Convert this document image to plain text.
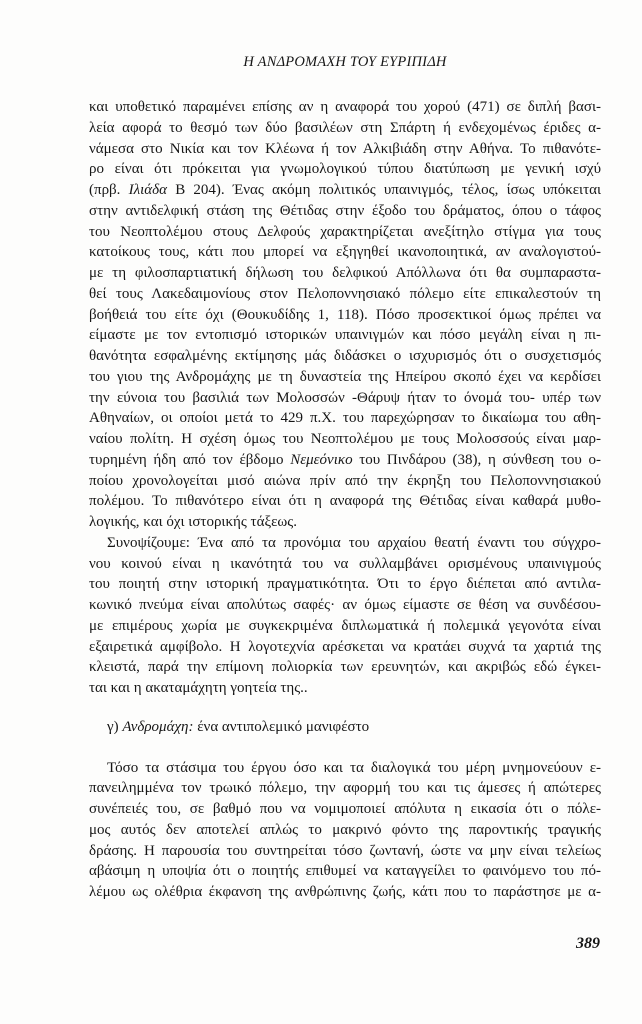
Η ΑΝΔΡΟΜΑΧΗ ΤΟΥ ΕΥΡΙΠΙΔΗ
και υποθετικό παραμένει επίσης αν η αναφορά του χορού (471) σε διπλή βασι-
λεία αφορά το θεσμό των δύο βασιλέων στη Σπάρτη ή ενδεχομένως έριδες α-
νάμεσα στο Νικία και τον Κλέωνα ή τον Αλκιβιάδη στην Αθήνα. Το πιθανότε-
ρο είναι ότι πρόκειται για γνωμολογικού τύπου διατύπωση με γενική ισχύ
(πρβ. Ιλιάδα Β 204). Ένας ακόμη πολιτικός υπαινιγμός, τέλος, ίσως υπόκειται
στην αντιδελφική στάση της Θέτιδας στην έξοδο του δράματος, όπου ο τάφος
του Νεοπτολέμου στους Δελφούς χαρακτηρίζεται ανεξίτηλο στίγμα για τους
κατοίκους τους, κάτι που μπορεί να εξηγηθεί ικανοποιητικά, αν αναλογιστού-
με τη φιλοσπαρτιατική δήλωση του δελφικού Απόλλωνα ότι θα συμπαραστα-
θεί τους Λακεδαιμονίους στον Πελοποννησιακό πόλεμο είτε επικαλεστούν τη
βοήθειά του είτε όχι (Θουκυδίδης 1, 118). Πόσο προσεκτικοί όμως πρέπει να
είμαστε με τον εντοπισμό ιστορικών υπαινιγμών και πόσο μεγάλη είναι η πι-
θανότητα εσφαλμένης εκτίμησης μάς διδάσκει ο ισχυρισμός ότι ο συσχετισμός
του γιου της Ανδρομάχης με τη δυναστεία της Ηπείρου σκοπό έχει να κερδίσει
την εύνοια του βασιλιά των Μολοσσών -Θάρυψ ήταν το όνομά του- υπέρ των
Αθηναίων, οι οποίοι μετά το 429 π.Χ. του παρεχώρησαν το δικαίωμα του αθη-
ναίου πολίτη. Η σχέση όμως του Νεοπτολέμου με τους Μολοσσούς είναι μαρ-
τυρημένη ήδη από τον έβδομο Νεμεόνικο του Πινδάρου (38), η σύνθεση του ο-
ποίου χρονολογείται μισό αιώνα πρίν από την έκρηξη του Πελοποννησιακού
πολέμου. Το πιθανότερο είναι ότι η αναφορά της Θέτιδας είναι καθαρά μυθο-
λογικής, και όχι ιστορικής τάξεως.
Συνοψίζουμε: Ένα από τα προνόμια του αρχαίου θεατή έναντι του σύγχρο-
νου κοινού είναι η ικανότητά του να συλλαμβάνει ορισμένους υπαινιγμούς
του ποιητή στην ιστορική πραγματικότητα. Ότι το έργο διέπεται από αντιλα-
κωνικό πνεύμα είναι απολύτως σαφές· αν όμως είμαστε σε θέση να συνδέσου-
με επιμέρους χωρία με συγκεκριμένα διπλωματικά ή πολεμικά γεγονότα είναι
εξαιρετικά αμφίβολο. Η λογοτεχνία αρέσκεται να κρατάει συχνά τα χαρτιά της
κλειστά, παρά την επίμονη πολιορκία των ερευνητών, και ακριβώς εδώ έγκει-
ται και η ακαταμάχητη γοητεία της..
γ) Ανδρομάχη: ένα αντιπολεμικό μανιφέστο
Τόσο τα στάσιμα του έργου όσο και τα διαλογικά του μέρη μνημονεύουν ε-
πανειλημμένα τον τρωικό πόλεμο, την αφορμή του και τις άμεσες ή απώτερες
συνέπειές του, σε βαθμό που να νομιμοποιεί απόλυτα η εικασία ότι ο πόλε-
μος αυτός δεν αποτελεί απλώς το μακρινό φόντο της παροντικής τραγικής
δράσης. Η παρουσία του συντηρείται τόσο ζωντανή, ώστε να μην είναι τελείως
αβάσιμη η υποψία ότι ο ποιητής επιθυμεί να καταγγείλει το φαινόμενο του πό-
λέμου ως ολέθρια έκφανση της ανθρώπινης ζωής, κάτι που το παράστησε με α-
389
